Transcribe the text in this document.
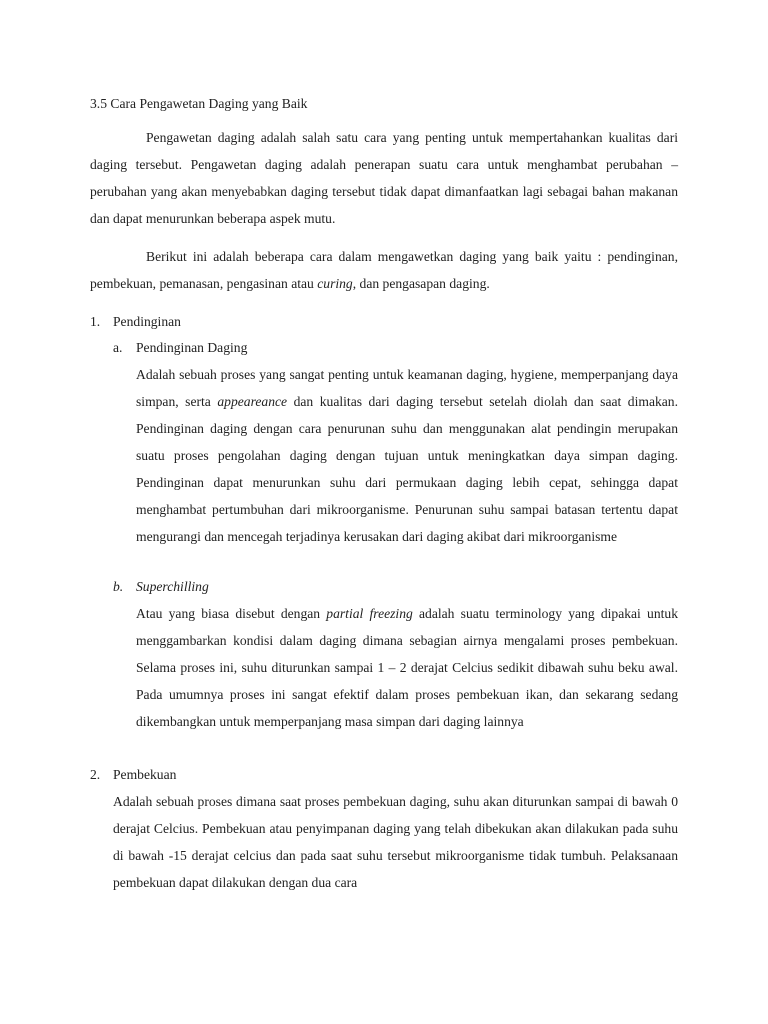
3.5 Cara Pengawetan Daging yang Baik

Pengawetan daging adalah salah satu cara yang penting untuk mempertahankan kualitas dari daging tersebut. Pengawetan daging adalah penerapan suatu cara untuk menghambat perubahan – perubahan yang akan menyebabkan daging tersebut tidak dapat dimanfaatkan lagi sebagai bahan makanan dan dapat menurunkan beberapa aspek mutu.

Berikut ini adalah beberapa cara dalam mengawetkan daging yang baik yaitu : pendinginan, pembekuan, pemanasan, pengasinan atau curing, dan pengasapan daging.

1. Pendinginan
a. Pendinginan Daging

Adalah sebuah proses yang sangat penting untuk keamanan daging, hygiene, memperpanjang daya simpan, serta appeareance dan kualitas dari daging tersebut setelah diolah dan saat dimakan. Pendinginan daging dengan cara penurunan suhu dan menggunakan alat pendingin merupakan suatu proses pengolahan daging dengan tujuan untuk meningkatkan daya simpan daging. Pendinginan dapat menurunkan suhu dari permukaan daging lebih cepat, sehingga dapat menghambat pertumbuhan dari mikroorganisme. Penurunan suhu sampai batasan tertentu dapat mengurangi dan mencegah terjadinya kerusakan dari daging akibat dari mikroorganisme

b. Superchilling

Atau yang biasa disebut dengan partial freezing adalah suatu terminology yang dipakai untuk menggambarkan kondisi dalam daging dimana sebagian airnya mengalami proses pembekuan. Selama proses ini, suhu diturunkan sampai 1 – 2 derajat Celcius sedikit dibawah suhu beku awal. Pada umumnya proses ini sangat efektif dalam proses pembekuan ikan, dan sekarang sedang dikembangkan untuk memperpanjang masa simpan dari daging lainnya

2. Pembekuan

Adalah sebuah proses dimana saat proses pembekuan daging, suhu akan diturunkan sampai di bawah 0 derajat Celcius. Pembekuan atau penyimpanan daging yang telah dibekukan akan dilakukan pada suhu di bawah -15 derajat celcius dan pada saat suhu tersebut mikroorganisme tidak tumbuh. Pelaksanaan pembekuan dapat dilakukan dengan dua cara
